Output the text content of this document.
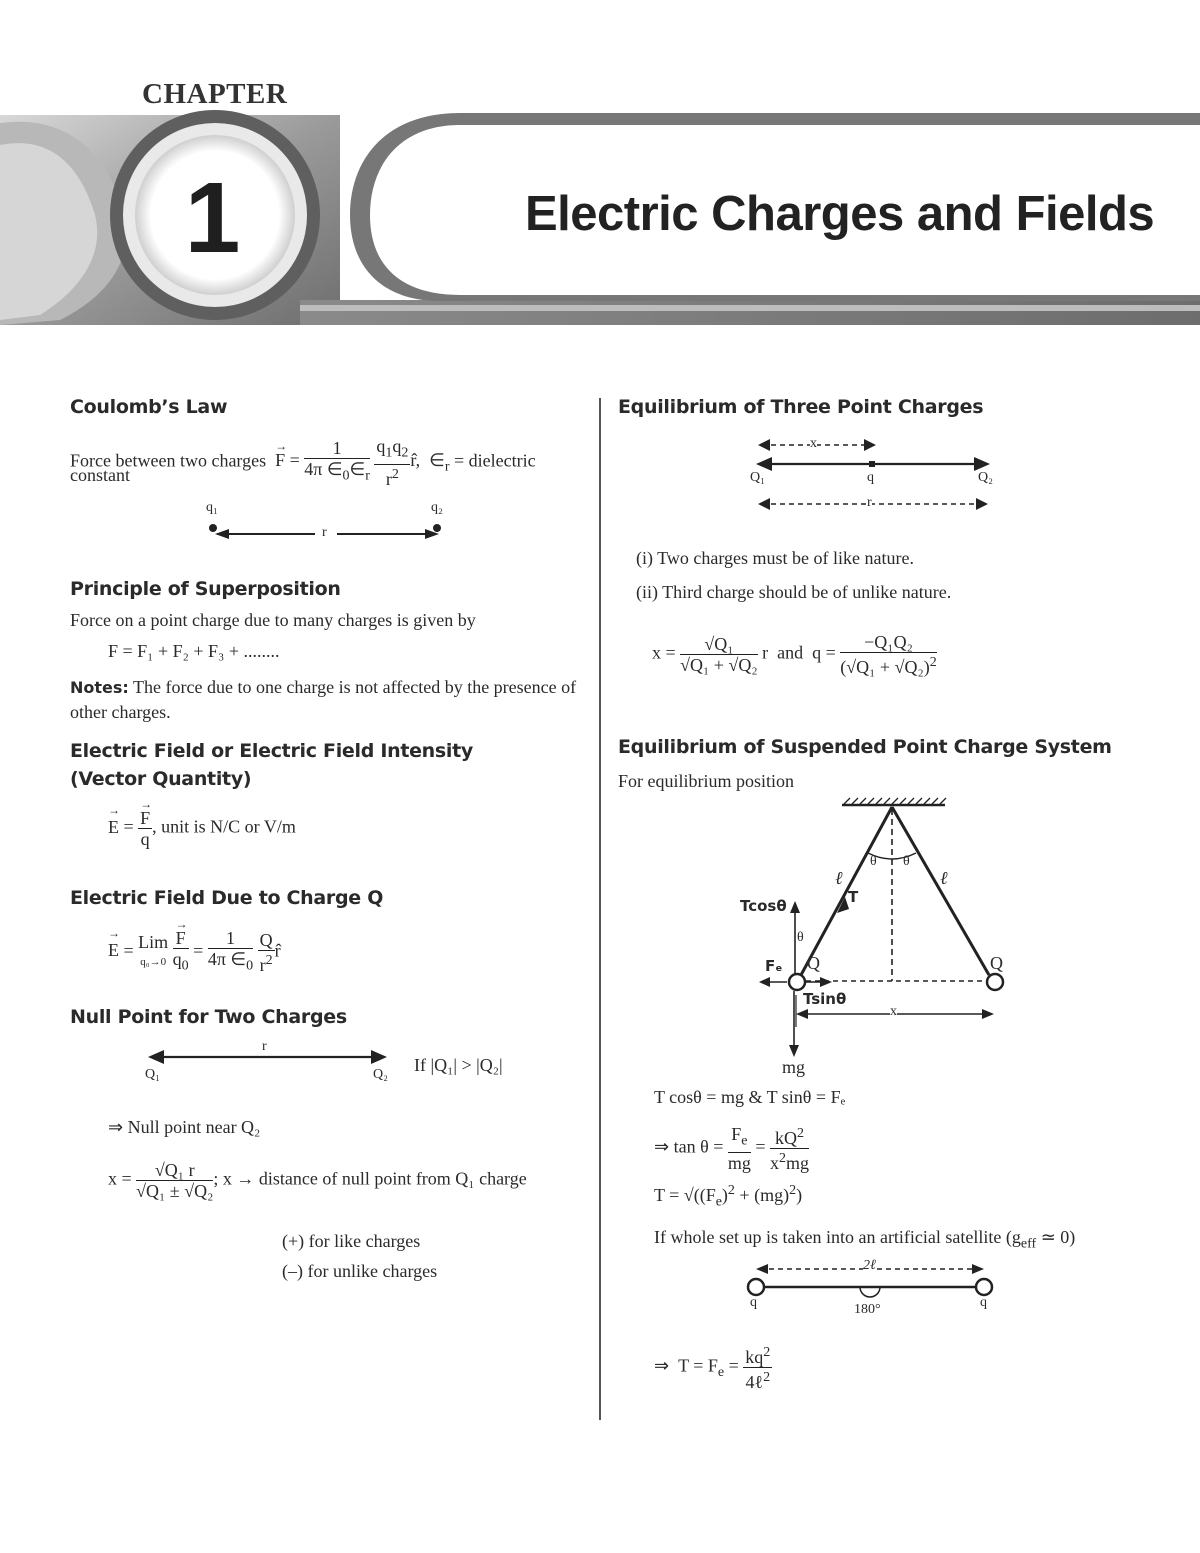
CHAPTER
1	Electric Charges and Fields
Coulomb’s Law
Force between two charges → $F = \frac{1}{4\pi \in_0\in_r}$
$\frac{q_1q_2}{r^2}$ r̂,  $\in_r$ = dielectric
constant
q₁	q₂
r
Principle of Superposition
Force on a point charge due to many charges is given by
F = F₁ + F₂ + F₃ + ........
Notes: The force due to one charge is not affected by the presence of other charges.
Electric Field or Electric Field Intensity
(Vector Quantity)
→ E = → $\frac{F}{q}$ , unit is N/C or V/m
Electric Field Due to Charge Q
→ E = Lim
q₀→0
→ $\frac{F}{q_0} = \frac{1}{4\pi \in_0}$
$\frac{Q}{r^2}$ r̂
Null Point for Two Charges
r
Q₁	Q₂ If |Q₁| > |Q₂|
⇒ Null point near Q₂
$x = \frac{\text{√Q₁ r}}{\text{√Q₁ ± √Q₂}}$ ; x → distance of null point from Q₁ charge
(+) for like charges
(–) for unlike charges
Equilibrium of Three Point Charges
x
r
Q₁	q	Q₂
(i) Two charges must be of like nature.
(ii) Third charge should be of unlike nature.
$x = \frac{\text{√Q₁}}{\text{√Q₁ + √Q₂}}$ r  and  $q = \frac{\text{−Q₁Q₂}}{(√Q_1 + √Q_2)^2}$
Equilibrium of Suspended Point Charge System
For equilibrium position
θ θ
θ
ℓ	ℓ
T
Tcosθ
Fₑ Q	Q
Tsinθ
x
mg
T cosθ = mg & T sinθ = Fₑ
⇒ $\tan \theta = \frac{F_e}{mg} = \frac{kQ^2}{x^2mg}$
$T = √((F_e)^2 + (mg)^2)$
If whole set up is taken into an artificial satellite ($g_{eff}$ ≃ 0)
2ℓ
q	q
180°
⇒  $T = F_e = \frac{kq^2}{4\ell^2}$
